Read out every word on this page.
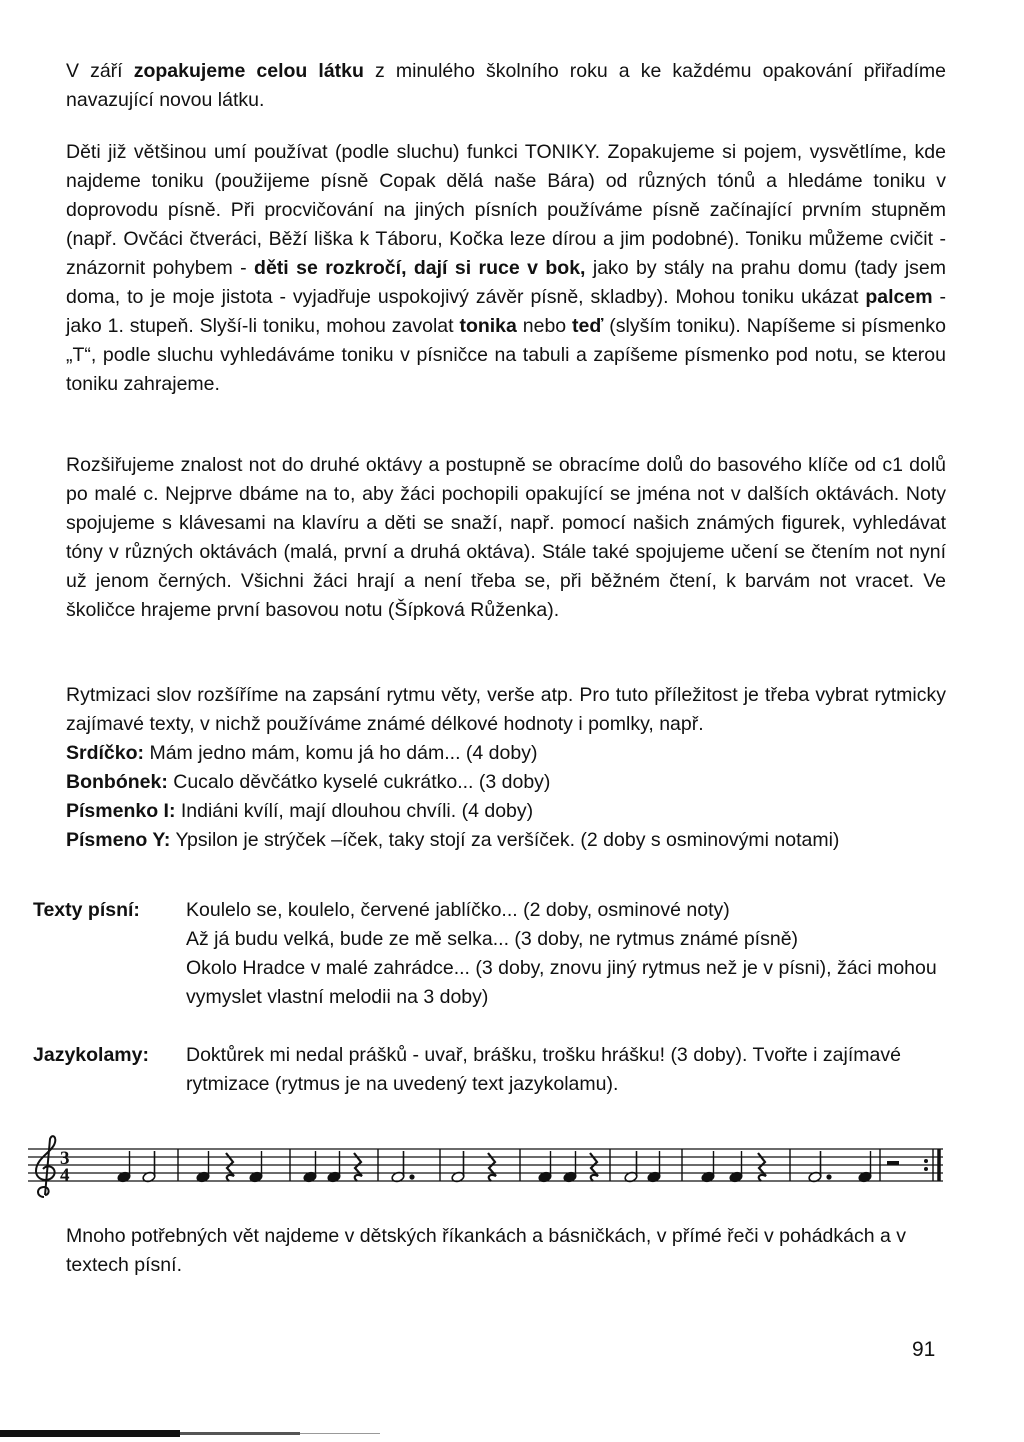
V září zopakujeme celou látku z minulého školního roku a ke každému opakování přiřadíme navazující novou látku.
Děti již většinou umí používat (podle sluchu) funkci TONIKY. Zopakujeme si pojem, vysvětlíme, kde najdeme toniku (použijeme písně Copak dělá naše Bára) od různých tónů a hledáme toniku v doprovodu písně. Při procvičování na jiných písních používáme písně začínající prvním stupněm (např. Ovčáci čtveráci, Běží liška k Táboru, Kočka leze dírou a jim podobné). Toniku můžeme cvičit - znázornit pohybem - děti se rozkročí, dají si ruce v bok, jako by stály na prahu domu (tady jsem doma, to je moje jistota - vyjadřuje uspokojivý závěr písně, skladby). Mohou toniku ukázat palcem - jako 1. stupeň. Slyší-li toniku, mohou zavolat tonika nebo teď (slyším toniku). Napíšeme si písmenko „T“, podle sluchu vyhledáváme toniku v písničce na tabuli a zapíšeme písmenko pod notu, se kterou toniku zahrajeme.
Rozšiřujeme znalost not do druhé oktávy a postupně se obracíme dolů do basového klíče od c1 dolů po malé c. Nejprve dbáme na to, aby žáci pochopili opakující se jména not v dalších oktávách. Noty spojujeme s klávesami na klavíru a děti se snaží, např. pomocí našich známých figurek, vyhledávat tóny v různých oktávách (malá, první a druhá oktáva). Stále také spojujeme učení se čtením not nyní už jenom černých. Všichni žáci hrají a není třeba se, při běžném čtení, k barvám not vracet. Ve školičce hrajeme první basovou notu (Šípková Růženka).
Rytmizaci slov rozšíříme na zapsání rytmu věty, verše atp. Pro tuto příležitost je třeba vybrat rytmicky zajímavé texty, v nichž používáme známé délkové hodnoty i pomlky, např.
Srdíčko: Mám jedno mám, komu já ho dám... (4 doby)
Bonbónek: Cucalo děvčátko kyselé cukrátko... (3 doby)
Písmenko I: Indiáni kvílí, mají dlouhou chvíli. (4 doby)
Písmeno Y: Ypsilon je strýček –íček, taky stojí za veršíček. (2 doby s osminovými notami)
Texty písní: Koulelo se, koulelo, červené jablíčko... (2 doby, osminové noty)
Až já budu velká, bude ze mě selka... (3 doby, ne rytmus známé písně)
Okolo Hradce v malé zahrádce... (3 doby, znovu jiný rytmus než je v písni), žáci mohou vymyslet vlastní melodii na 3 doby)
Jazykolamy: Doktůrek mi nedal prášků - uvař, brášku, trošku hrášku! (3 doby). Tvořte i zajímavé rytmizace (rytmus je na uvedený text jazykolamu).
3
4
Mnoho potřebných vět najdeme v dětských říkankách a básničkách, v přímé řeči v pohádkách a v textech písní.
91
